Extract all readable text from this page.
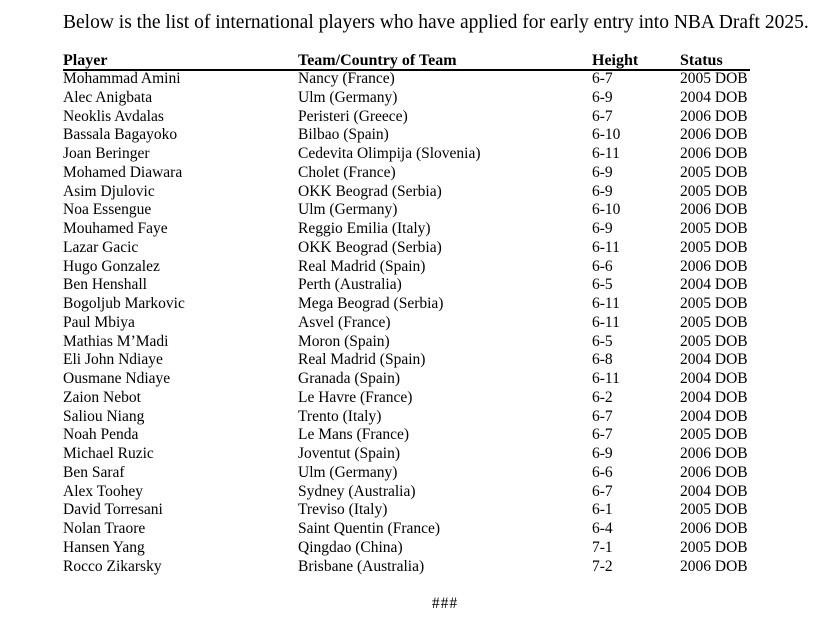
Below is the list of international players who have applied for early entry into NBA Draft 2025.
Player	Team/Country of Team	Height	Status
Mohammad Amini	Nancy (France)	6-7	2005 DOB
Alec Anigbata	Ulm (Germany)	6-9	2004 DOB
Neoklis Avdalas	Peristeri (Greece)	6-7	2006 DOB
Bassala Bagayoko	Bilbao (Spain)	6-10	2006 DOB
Joan Beringer	Cedevita Olimpija (Slovenia)	6-11	2006 DOB
Mohamed Diawara	Cholet (France)	6-9	2005 DOB
Asim Djulovic	OKK Beograd (Serbia)	6-9	2005 DOB
Noa Essengue	Ulm (Germany)	6-10	2006 DOB
Mouhamed Faye	Reggio Emilia (Italy)	6-9	2005 DOB
Lazar Gacic	OKK Beograd (Serbia)	6-11	2005 DOB
Hugo Gonzalez	Real Madrid (Spain)	6-6	2006 DOB
Ben Henshall	Perth (Australia)	6-5	2004 DOB
Bogoljub Markovic	Mega Beograd (Serbia)	6-11	2005 DOB
Paul Mbiya	Asvel (France)	6-11	2005 DOB
Mathias M’Madi	Moron (Spain)	6-5	2005 DOB
Eli John Ndiaye	Real Madrid (Spain)	6-8	2004 DOB
Ousmane Ndiaye	Granada (Spain)	6-11	2004 DOB
Zaion Nebot	Le Havre (France)	6-2	2004 DOB
Saliou Niang	Trento (Italy)	6-7	2004 DOB
Noah Penda	Le Mans (France)	6-7	2005 DOB
Michael Ruzic	Joventut (Spain)	6-9	2006 DOB
Ben Saraf	Ulm (Germany)	6-6	2006 DOB
Alex Toohey	Sydney (Australia)	6-7	2004 DOB
David Torresani	Treviso (Italy)	6-1	2005 DOB
Nolan Traore	Saint Quentin (France)	6-4	2006 DOB
Hansen Yang	Qingdao (China)	7-1	2005 DOB
Rocco Zikarsky	Brisbane (Australia)	7-2	2006 DOB
###
